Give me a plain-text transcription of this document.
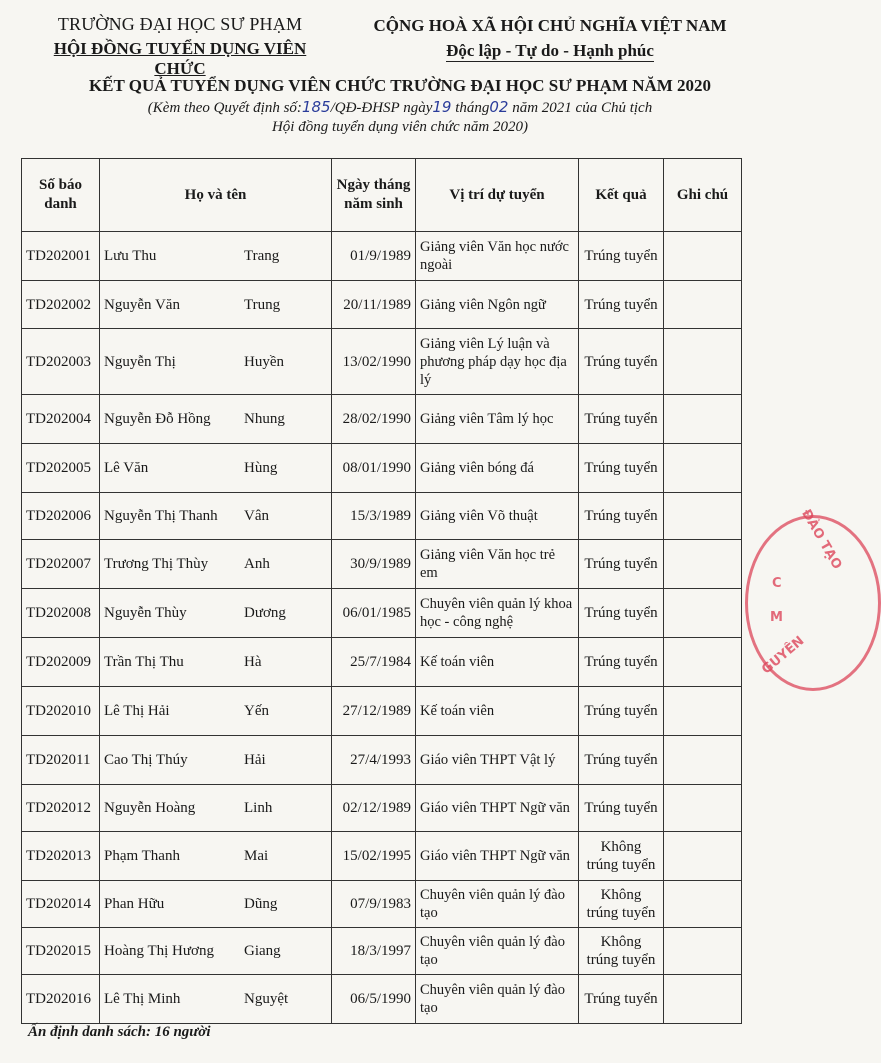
TRƯỜNG ĐẠI HỌC SƯ PHẠM
HỘI ĐỒNG TUYỂN DỤNG VIÊN CHỨC
CỘNG HOÀ XÃ HỘI CHỦ NGHĨA VIỆT NAM
Độc lập - Tự do - Hạnh phúc
KẾT QUẢ TUYỂN DỤNG VIÊN CHỨC TRƯỜNG ĐẠI HỌC SƯ PHẠM NĂM 2020
(Kèm theo Quyết định số:185/QĐ-ĐHSP ngày19 tháng02 năm 2021 của Chủ tịch
Hội đồng tuyển dụng viên chức năm 2020)
Số báo danh	Họ và tên	Ngày tháng năm sinh	Vị trí dự tuyển	Kết quả	Ghi chú
TD202001	Lưu Thu Trang	01/9/1989	Giảng viên Văn học nước ngoài	Trúng tuyển	
TD202002	Nguyễn Văn Trung	20/11/1989	Giảng viên Ngôn ngữ	Trúng tuyển	
TD202003	Nguyễn Thị Huyền	13/02/1990	Giảng viên Lý luận và phương pháp dạy học địa lý	Trúng tuyển	
TD202004	Nguyễn Đỗ Hồng Nhung	28/02/1990	Giảng viên Tâm lý học	Trúng tuyển	
TD202005	Lê Văn Hùng	08/01/1990	Giảng viên bóng đá	Trúng tuyển	
TD202006	Nguyễn Thị Thanh Vân	15/3/1989	Giảng viên Võ thuật	Trúng tuyển	
TD202007	Trương Thị Thùy Anh	30/9/1989	Giảng viên Văn học trẻ em	Trúng tuyển	
TD202008	Nguyễn Thùy Dương	06/01/1985	Chuyên viên quản lý khoa học - công nghệ	Trúng tuyển	
TD202009	Trần Thị Thu Hà	25/7/1984	Kế toán viên	Trúng tuyển	
TD202010	Lê Thị Hải Yến	27/12/1989	Kế toán viên	Trúng tuyển	
TD202011	Cao Thị Thúy Hải	27/4/1993	Giáo viên THPT Vật lý	Trúng tuyển	
TD202012	Nguyễn Hoàng Linh	02/12/1989	Giáo viên THPT Ngữ văn	Trúng tuyển	
TD202013	Phạm Thanh Mai	15/02/1995	Giáo viên THPT Ngữ văn	Không trúng tuyển	
TD202014	Phan Hữu Dũng	07/9/1983	Chuyên viên quản lý đào tạo	Không trúng tuyển	
TD202015	Hoàng Thị Hương Giang	18/3/1997	Chuyên viên quản lý đào tạo	Không trúng tuyển	
TD202016	Lê Thị Minh Nguyệt	06/5/1990	Chuyên viên quản lý đào tạo	Trúng tuyển	
Ấn định danh sách: 16 người
ĐÀO TẠO
C
M
GUYÊN
